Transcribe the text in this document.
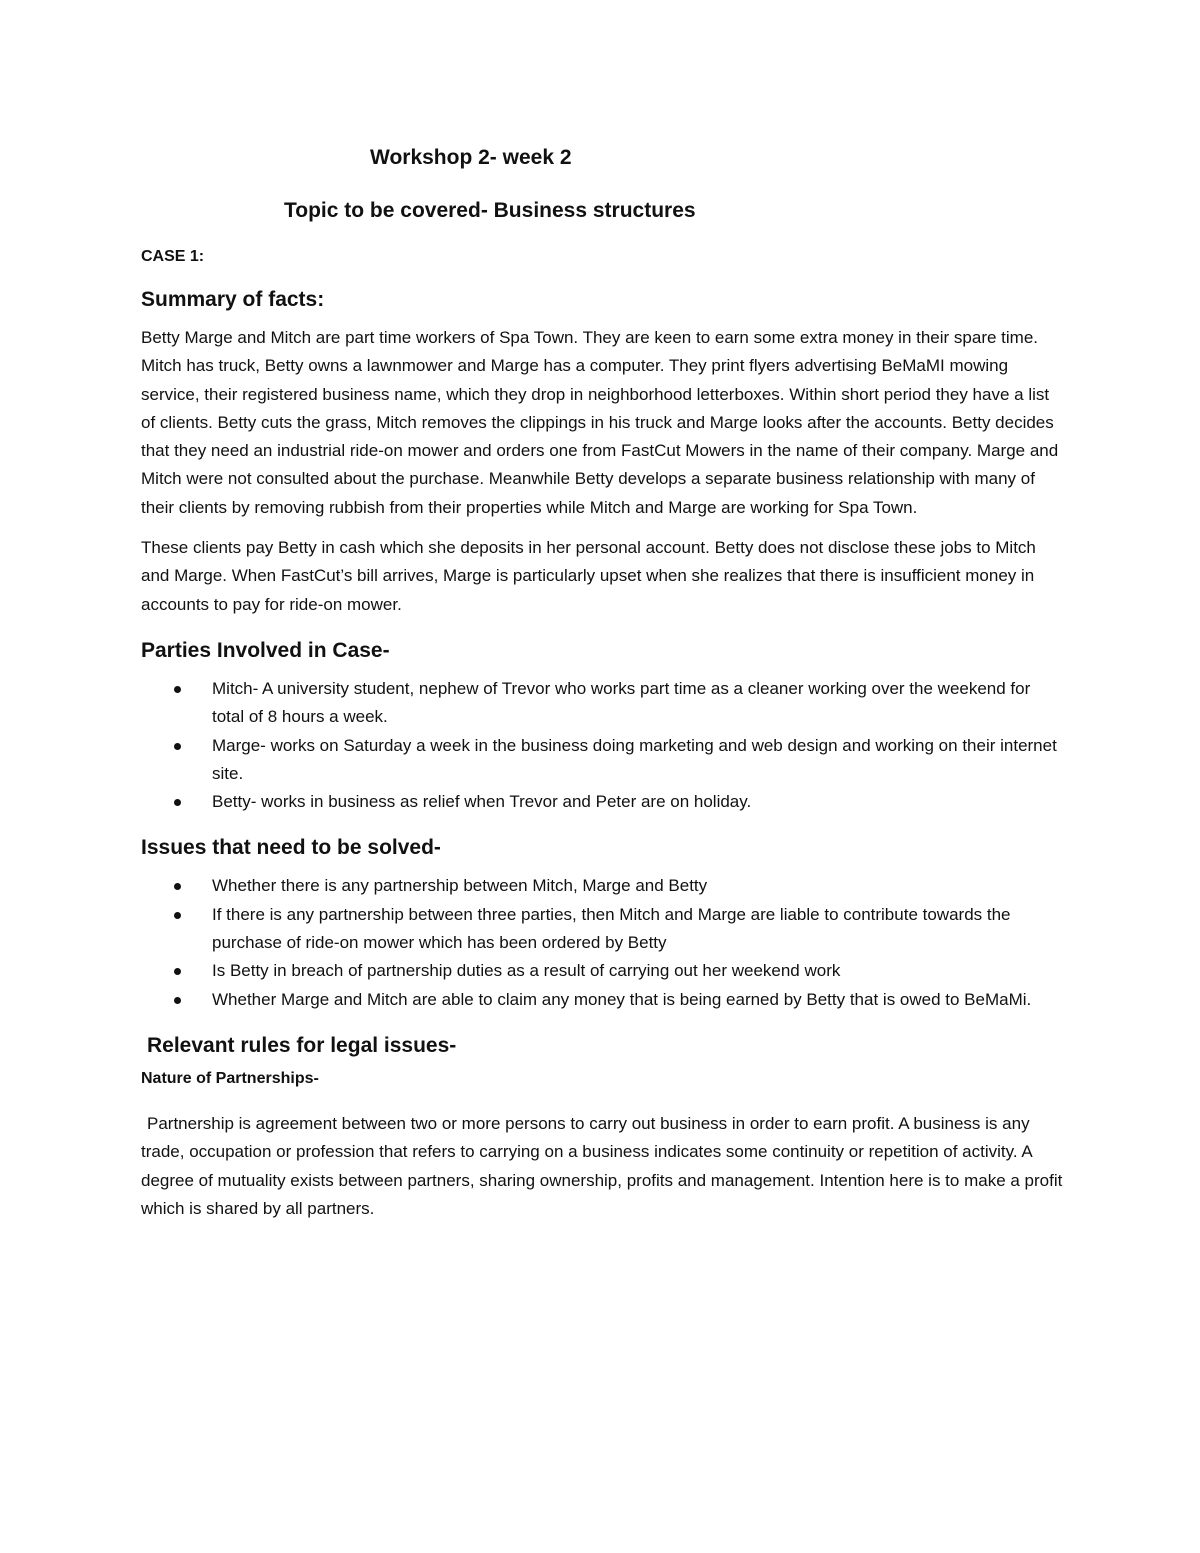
Workshop 2- week 2
Topic to be covered- Business structures
CASE 1:
Summary of facts:

Betty Marge and Mitch are part time workers of Spa Town. They are keen to earn some extra money in their spare time. Mitch has truck, Betty owns a lawnmower and Marge has a computer. They print flyers advertising BeMaMI mowing service, their registered business name, which they drop in neighborhood letterboxes. Within short period they have a list of clients. Betty cuts the grass, Mitch removes the clippings in his truck and Marge looks after the accounts. Betty decides that they need an industrial ride-on mower and orders one from FastCut Mowers in the name of their company. Marge and Mitch were not consulted about the purchase. Meanwhile Betty develops a separate business relationship with many of their clients by removing rubbish from their properties while Mitch and Marge are working for Spa Town.

These clients pay Betty in cash which she deposits in her personal account. Betty does not disclose these jobs to Mitch and Marge. When FastCut’s bill arrives, Marge is particularly upset when she realizes that there is insufficient money in accounts to pay for ride-on mower.

Parties Involved in Case-
Mitch- A university student, nephew of Trevor who works part time as a cleaner working over the weekend for total of 8 hours a week.
Marge- works on Saturday a week in the business doing marketing and web design and working on their internet site.
Betty- works in business as relief when Trevor and Peter are on holiday.
Issues that need to be solved-
Whether there is any partnership between Mitch, Marge and Betty
If there is any partnership between three parties, then Mitch and Marge are liable to contribute towards the purchase of ride-on mower which has been ordered by Betty
Is Betty in breach of partnership duties as a result of carrying out her weekend work
Whether Marge and Mitch are able to claim any money that is being earned by Betty that is owed to BeMaMi.
Relevant rules for legal issues-
Nature of Partnerships-

Partnership is agreement between two or more persons to carry out business in order to earn profit. A business is any trade, occupation or profession that refers to carrying on a business indicates some continuity or repetition of activity. A degree of mutuality exists between partners, sharing ownership, profits and management. Intention here is to make a profit which is shared by all partners.
